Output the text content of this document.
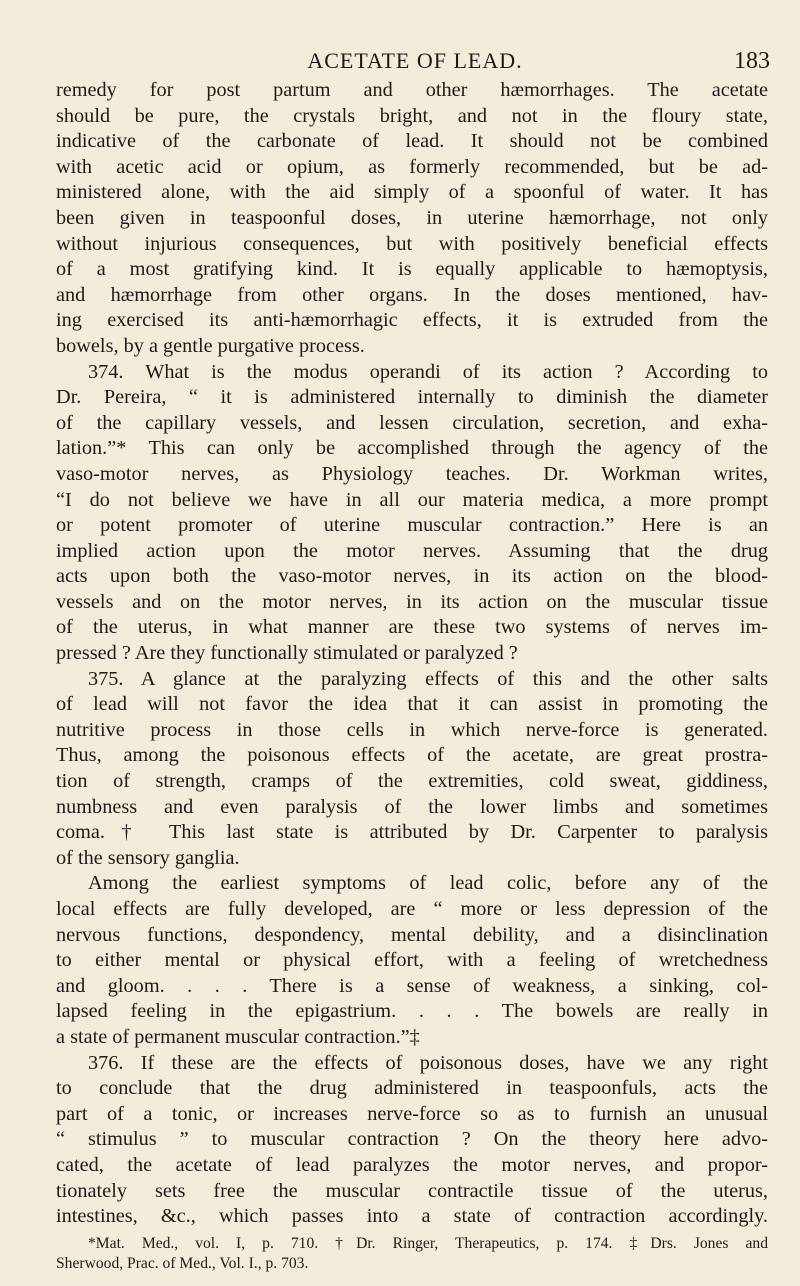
ACETATE OF LEAD.	183
remedy for post partum and other hæmorrhages. The acetate
should be pure, the crystals bright, and not in the floury state,
indicative of the carbonate of lead. It should not be combined
with acetic acid or opium, as formerly recommended, but be ad-
ministered alone, with the aid simply of a spoonful of water. It has
been given in teaspoonful doses, in uterine hæmorrhage, not only
without injurious consequences, but with positively beneficial effects
of a most gratifying kind. It is equally applicable to hæmoptysis,
and hæmorrhage from other organs. In the doses mentioned, hav-
ing exercised its anti-hæmorrhagic effects, it is extruded from the
bowels, by a gentle purgative process.
374. What is the modus operandi of its action ? According to
Dr. Pereira, “ it is administered internally to diminish the diameter
of the capillary vessels, and lessen circulation, secretion, and exha-
lation.”* This can only be accomplished through the agency of the
vaso-motor nerves, as Physiology teaches. Dr. Workman writes,
“I do not believe we have in all our materia medica, a more prompt
or potent promoter of uterine muscular contraction.” Here is an
implied action upon the motor nerves. Assuming that the drug
acts upon both the vaso-motor nerves, in its action on the blood-
vessels and on the motor nerves, in its action on the muscular tissue
of the uterus, in what manner are these two systems of nerves im-
pressed ? Are they functionally stimulated or paralyzed ?
375. A glance at the paralyzing effects of this and the other salts
of lead will not favor the idea that it can assist in promoting the
nutritive process in those cells in which nerve-force is generated.
Thus, among the poisonous effects of the acetate, are great prostra-
tion of strength, cramps of the extremities, cold sweat, giddiness,
numbness and even paralysis of the lower limbs and sometimes
coma.† This last state is attributed by Dr. Carpenter to paralysis
of the sensory ganglia.
Among the earliest symptoms of lead colic, before any of the
local effects are fully developed, are “ more or less depression of the
nervous functions, despondency, mental debility, and a disinclination
to either mental or physical effort, with a feeling of wretchedness
and gloom. . . . There is a sense of weakness, a sinking, col-
lapsed feeling in the epigastrium. . . . The bowels are really in
a state of permanent muscular contraction.”‡
376. If these are the effects of poisonous doses, have we any right
to conclude that the drug administered in teaspoonfuls, acts the
part of a tonic, or increases nerve-force so as to furnish an unusual
“ stimulus ” to muscular contraction ? On the theory here advo-
cated, the acetate of lead paralyzes the motor nerves, and propor-
tionately sets free the muscular contractile tissue of the uterus,
intestines, &c., which passes into a state of contraction accordingly.
*Mat. Med., vol. I, p. 710. †Dr. Ringer, Therapeutics, p. 174. ‡Drs. Jones and
Sherwood, Prac. of Med., Vol. I., p. 703.
